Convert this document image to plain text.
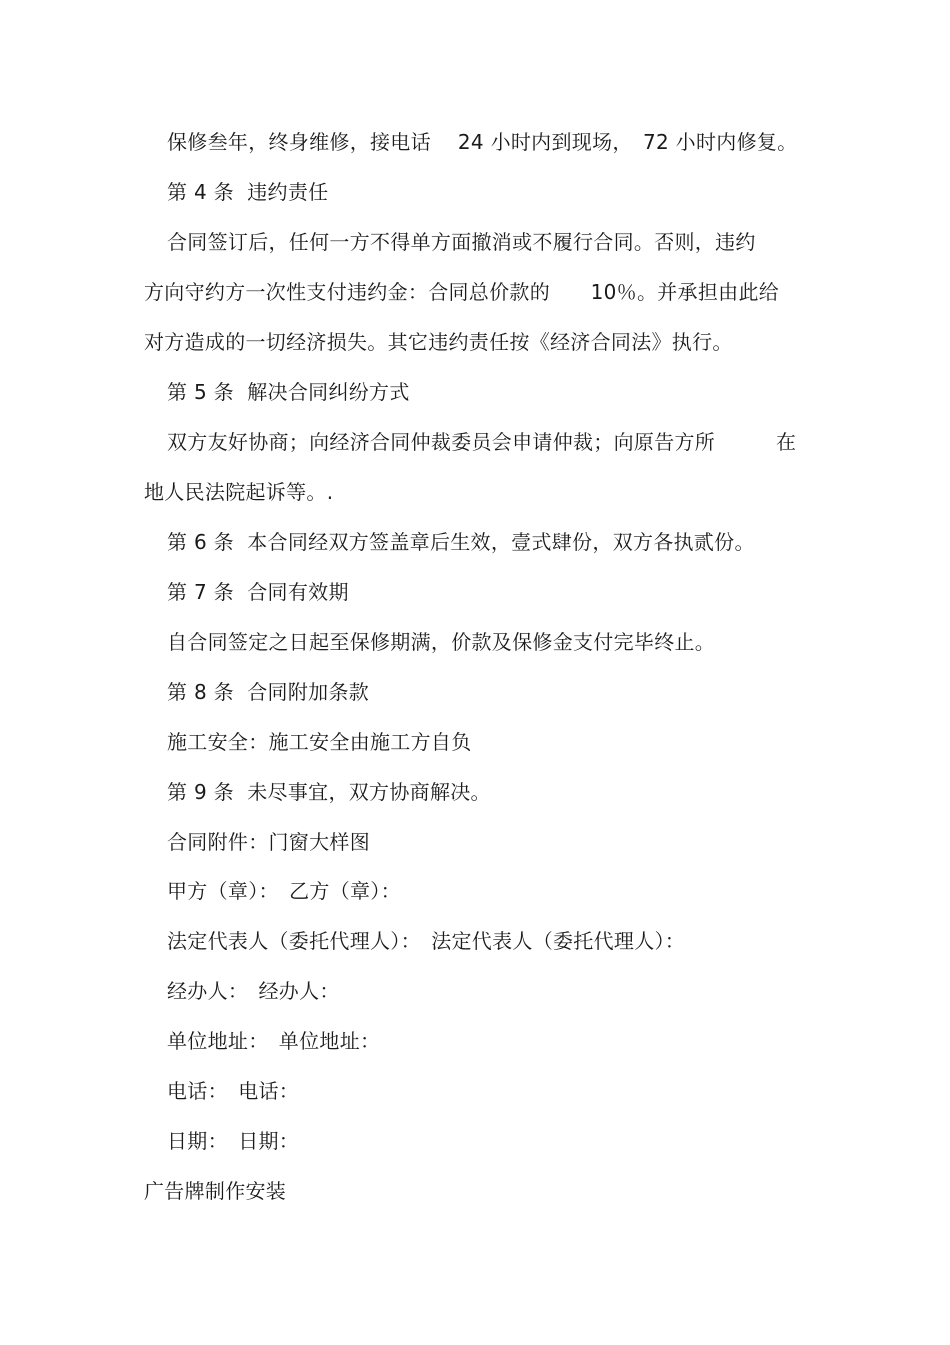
保修叁年，终身维修，接电话　 24 小时内到现场，　72 小时内修复。
第 4 条  违约责任
合同签订后，任何一方不得单方面撤消或不履行合同。否则，违约
方向守约方一次性支付违约金：合同总价款的　　10％。并承担由此给
对方造成的一切经济损失。其它违约责任按《经济合同法》执行。
第 5 条  解决合同纠纷方式
双方友好协商；向经济合同仲裁委员会申请仲裁；向原告方所　　　在
地人民法院起诉等。.
第 6 条  本合同经双方签盖章后生效，壹式肆份，双方各执贰份。
第 7 条  合同有效期
自合同签定之日起至保修期满，价款及保修金支付完毕终止。
第 8 条  合同附加条款
施工安全：施工安全由施工方自负
第 9 条  未尽事宜，双方协商解决。
合同附件：门窗大样图
甲方（章）：　乙方（章）：
法定代表人（委托代理人）：　法定代表人（委托代理人）：
经办人：　经办人：
单位地址：　单位地址：
电话：　电话：
日期：　日期：
广告牌制作安装
